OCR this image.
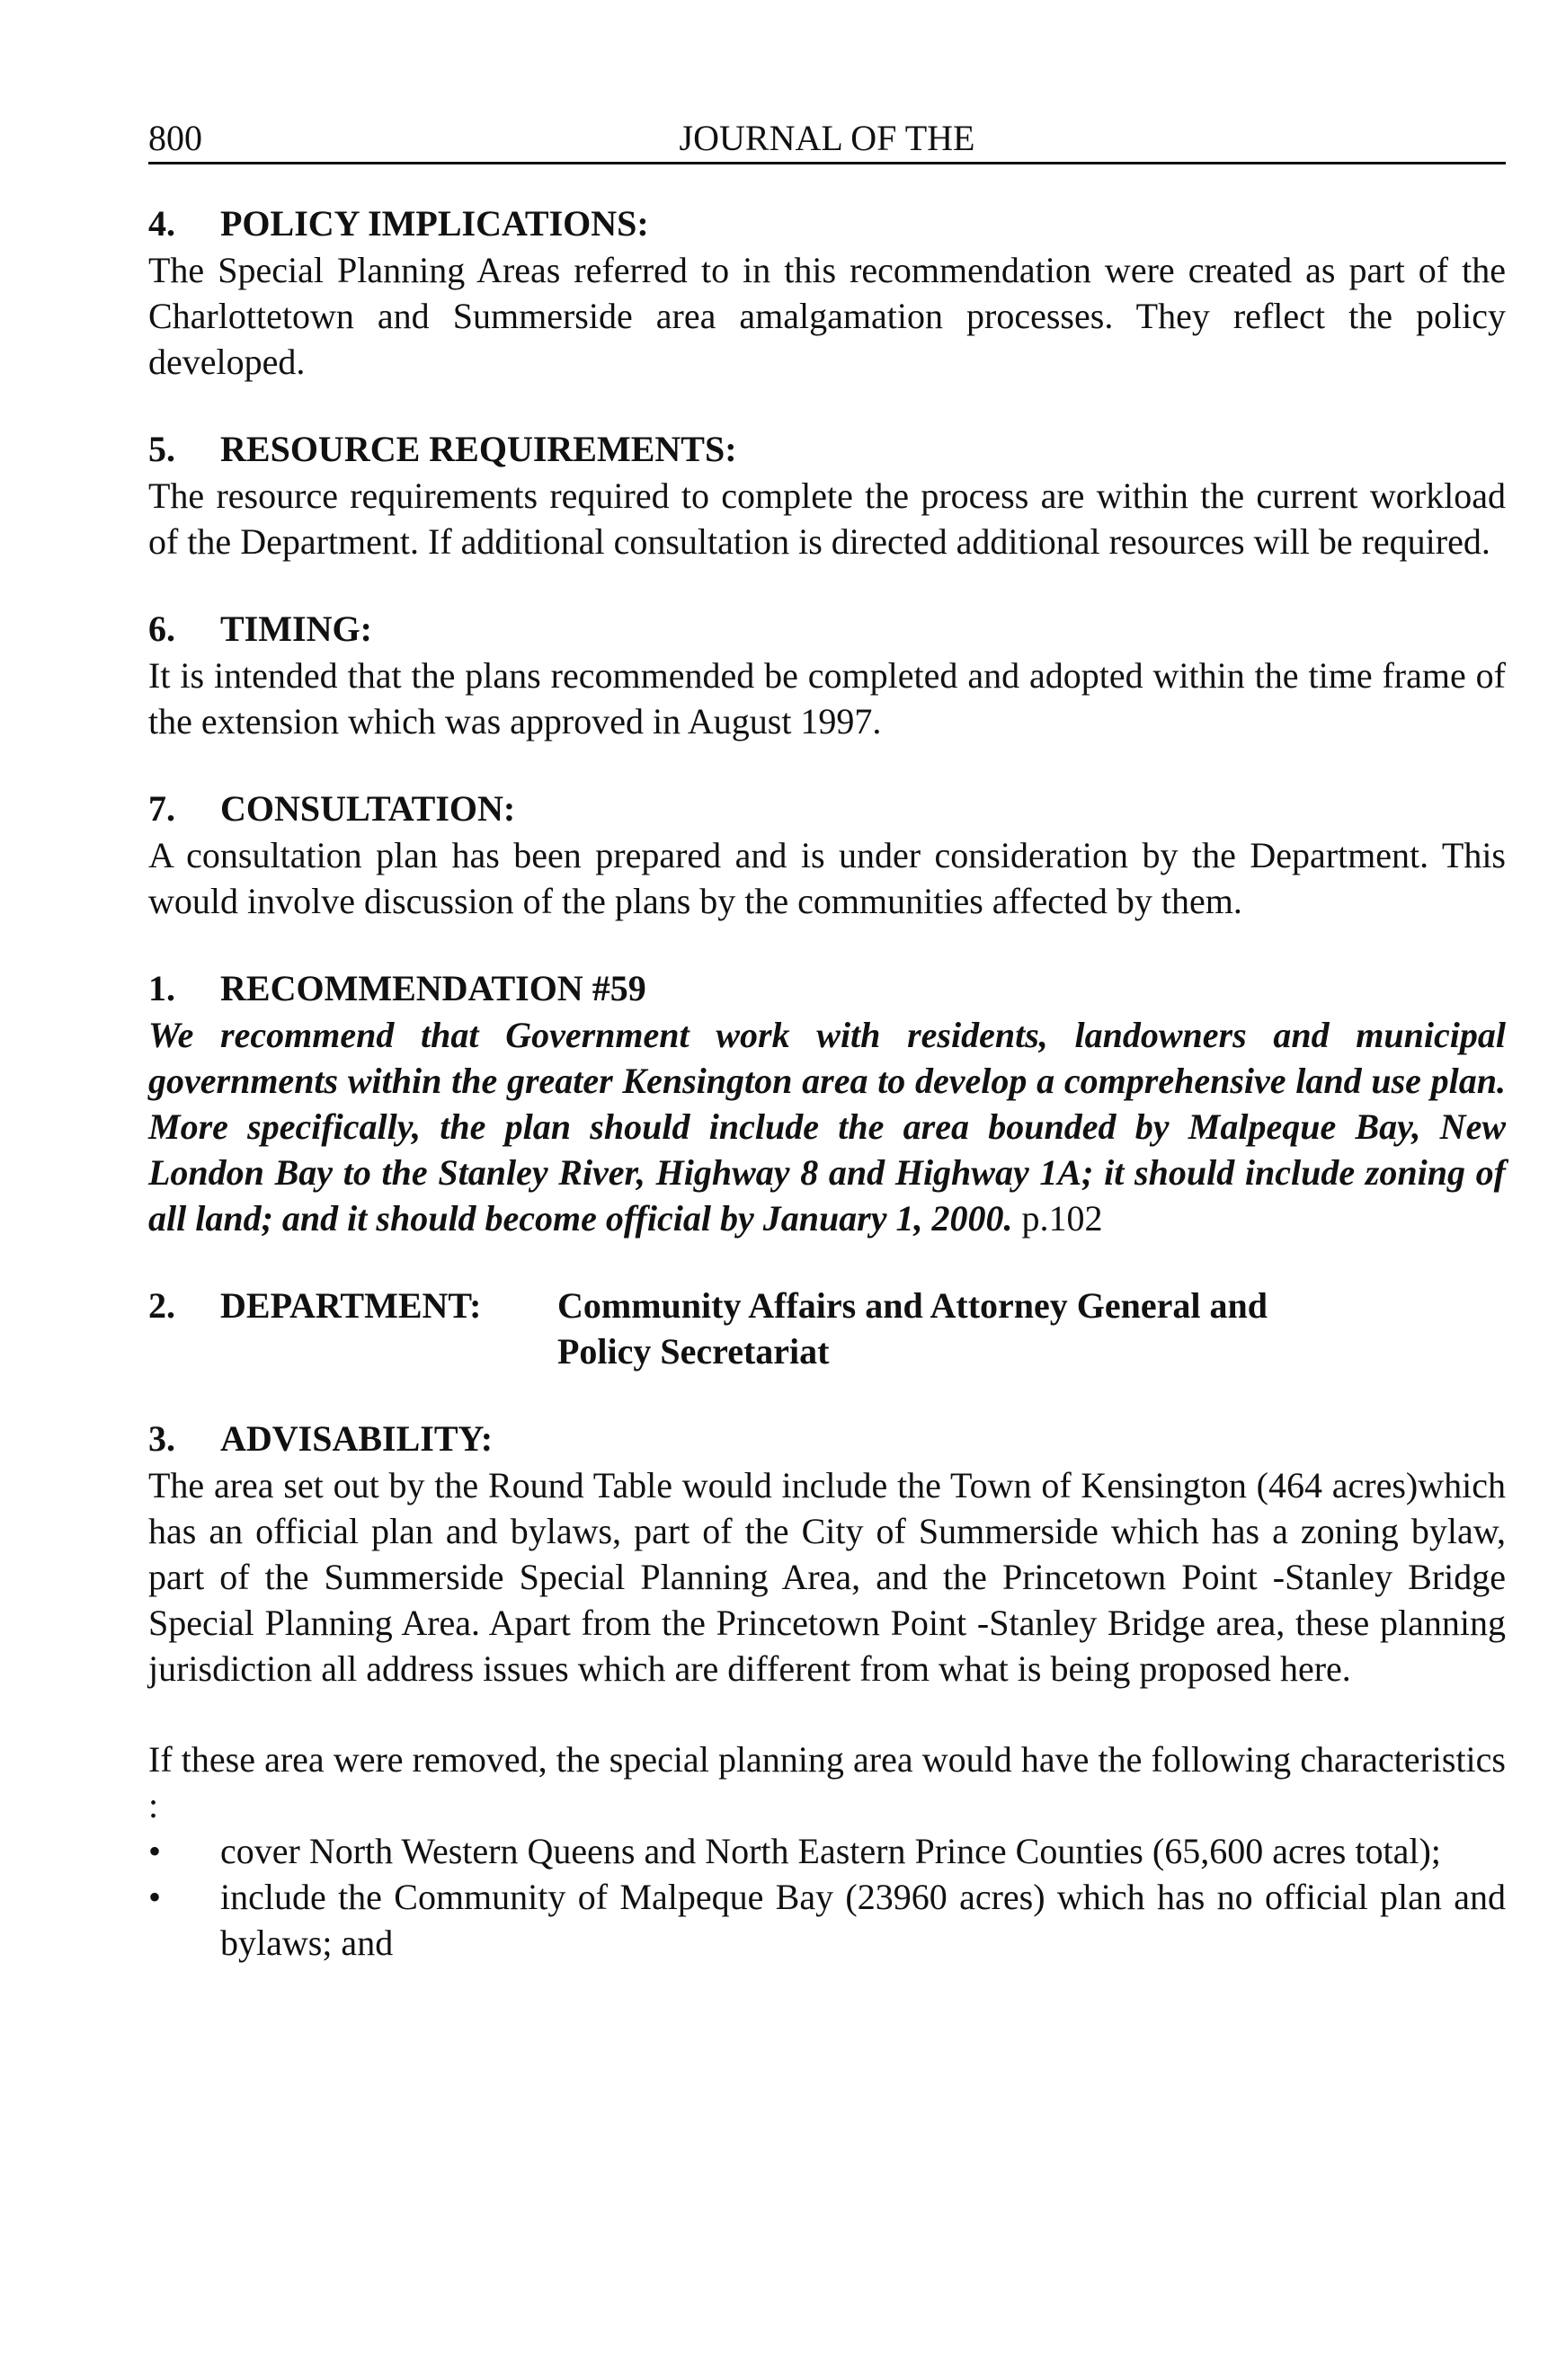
800	JOURNAL OF THE
4.	POLICY IMPLICATIONS:
The Special Planning Areas referred to in this recommendation were created as part of the Charlottetown and Summerside area amalgamation processes. They reflect the policy developed.
5.	RESOURCE REQUIREMENTS:
The resource requirements required to complete the process are within the current workload of the Department. If additional consultation is directed additional resources will be required.
6.	TIMING:
It is intended that the plans recommended be completed and adopted within the time frame of the extension which was approved in August 1997.
7.	CONSULTATION:
A consultation plan has been prepared and is under consideration by the Department. This would involve discussion of the plans by the communities affected by them.
1.	RECOMMENDATION #59
We recommend that Government work with residents, landowners and municipal governments within the greater Kensington area to develop a comprehensive land use plan. More specifically, the plan should include the area bounded by Malpeque Bay, New London Bay to the Stanley River, Highway 8 and Highway 1A; it should include zoning of all land; and it should become official by January 1, 2000. p.102
2.	DEPARTMENT:	Community Affairs and Attorney General and Policy Secretariat
3.	ADVISABILITY:
The area set out by the Round Table would include the Town of Kensington (464 acres)which has an official plan and bylaws, part of the City of Summerside which has a zoning bylaw, part of the Summerside Special Planning Area, and the Princetown Point -Stanley Bridge Special Planning Area. Apart from the Princetown Point -Stanley Bridge area, these planning jurisdiction all address issues which are different from what is being proposed here.
If these area were removed, the special planning area would have the following characteristics :
• cover North Western Queens and North Eastern Prince Counties (65,600 acres total);
• include the Community of Malpeque Bay (23960 acres) which has no official plan and bylaws; and
